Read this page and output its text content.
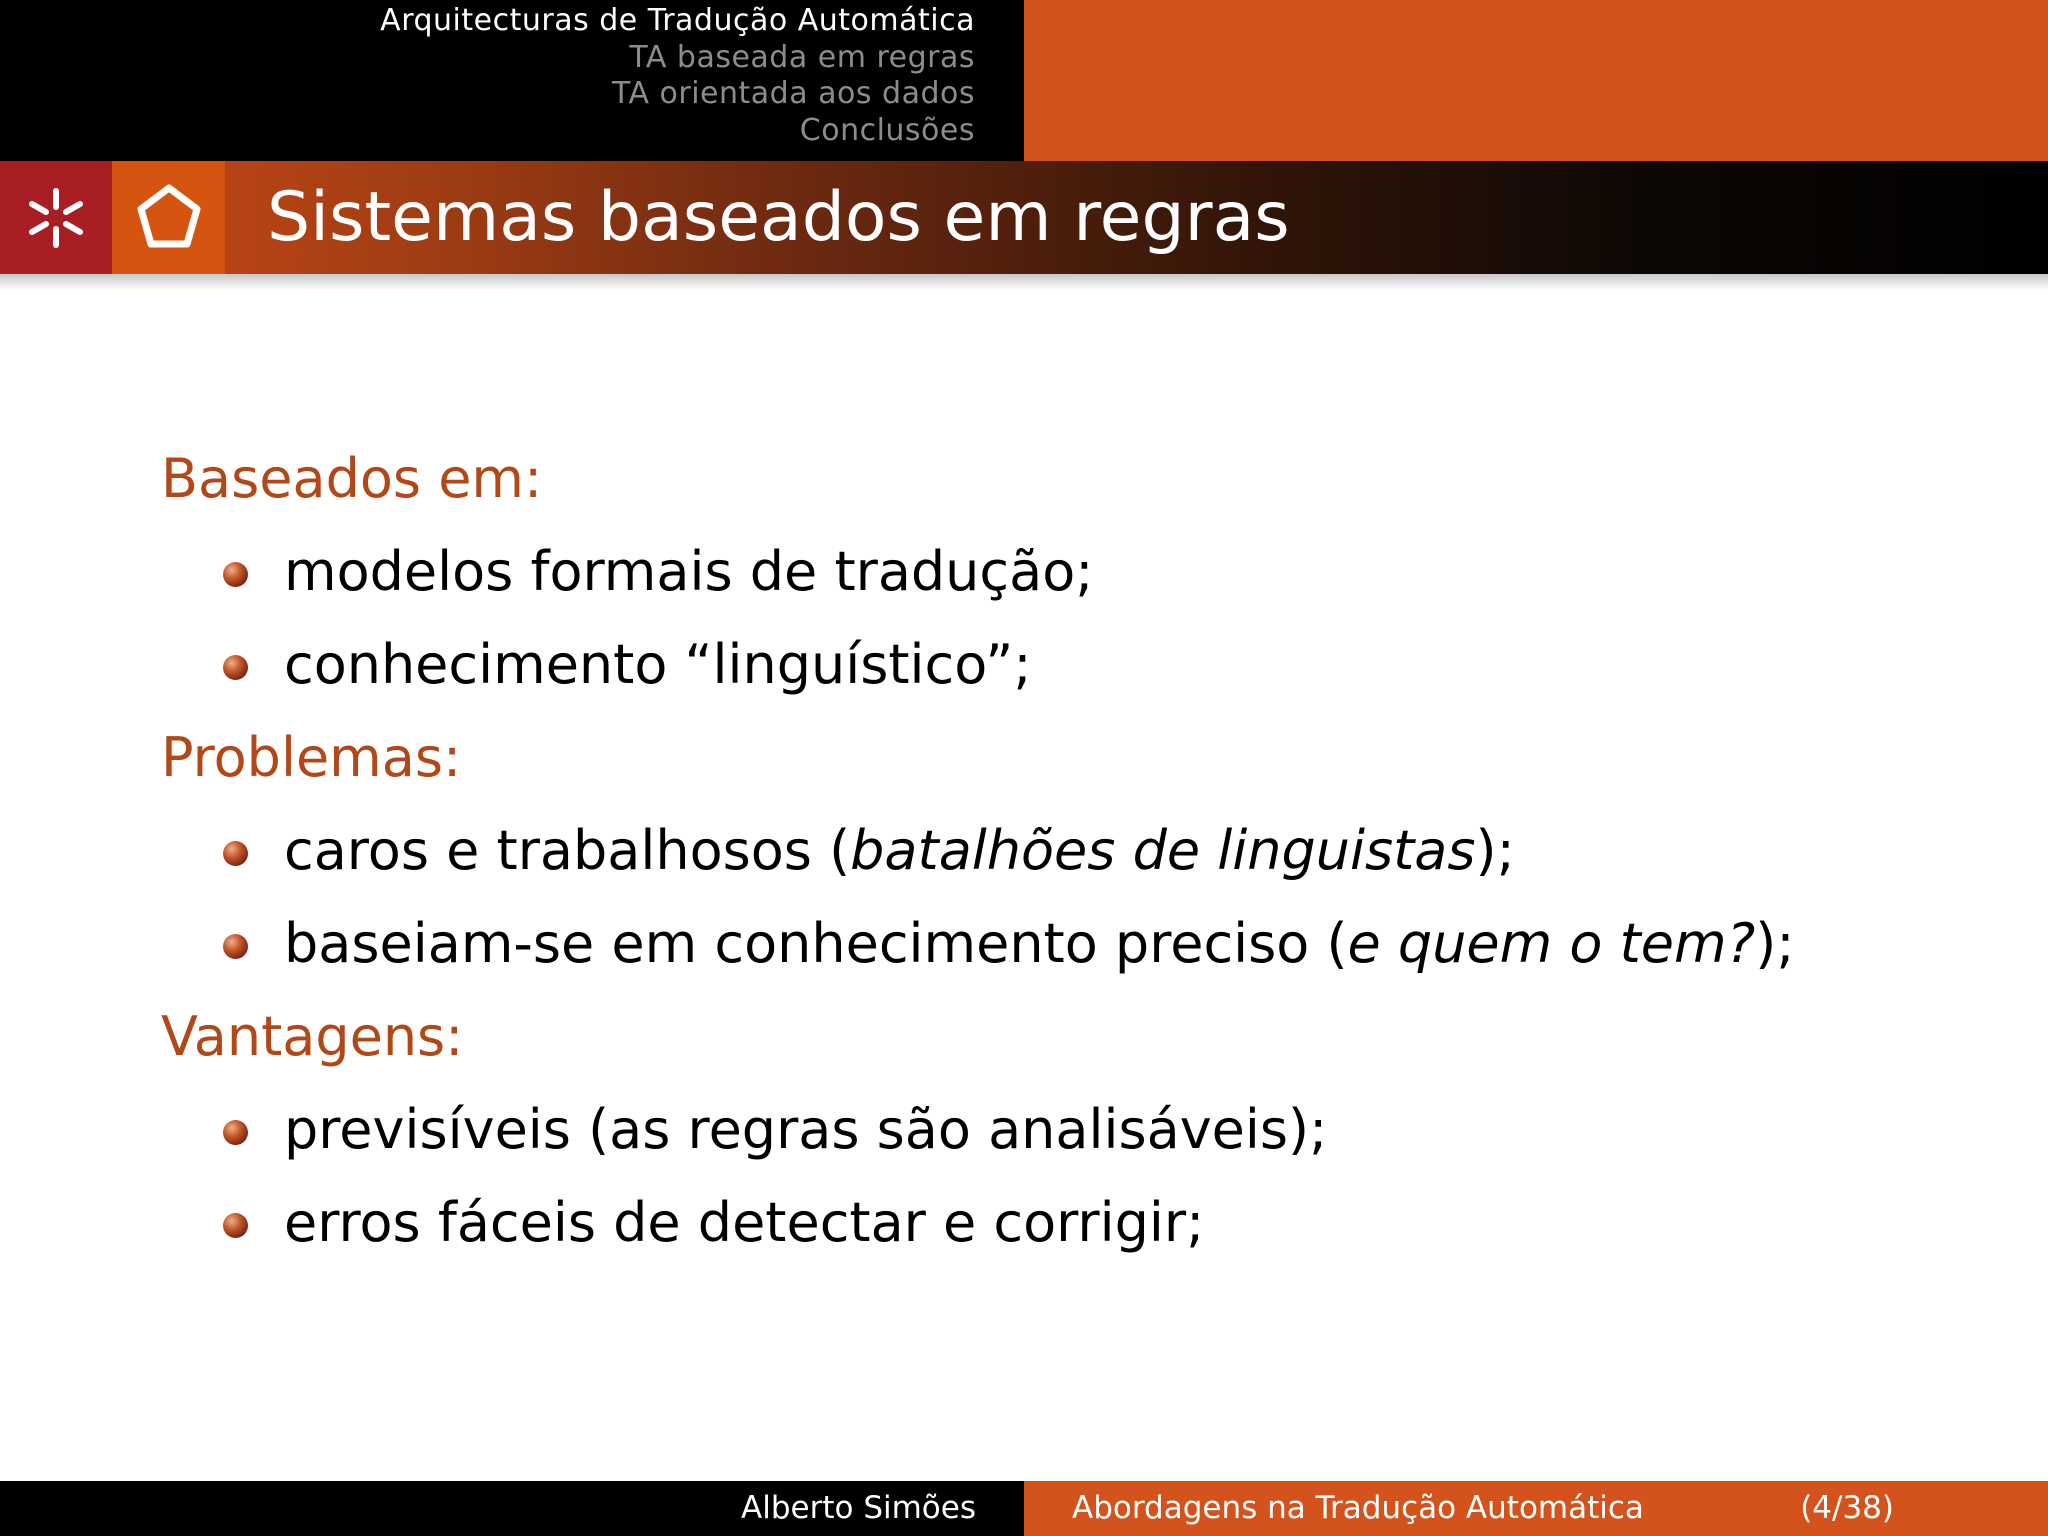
Arquitecturas de Tradução Automática
TA baseada em regras
TA orientada aos dados
Conclusões
Sistemas baseados em regras
Baseados em:
modelos formais de tradução;
conhecimento “linguístico”;
Problemas:
caros e trabalhosos (batalhões de linguistas);
baseiam-se em conhecimento preciso (e quem o tem?);
Vantagens:
previsíveis (as regras são analisáveis);
erros fáceis de detectar e corrigir;
Alberto Simões	Abordagens na Tradução Automática	(4/38)
